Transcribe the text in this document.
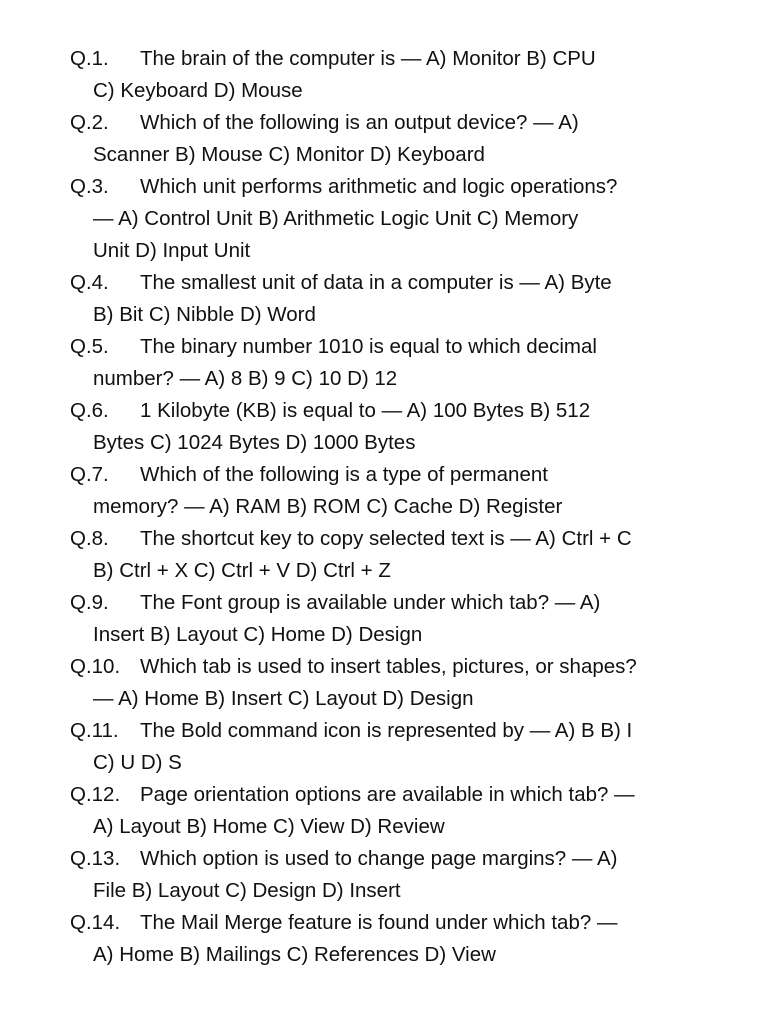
Q.1. The brain of the computer is — A) Monitor B) CPU
C) Keyboard D) Mouse
Q.2. Which of the following is an output device? — A)
Scanner B) Mouse C) Monitor D) Keyboard
Q.3. Which unit performs arithmetic and logic operations?
— A) Control Unit B) Arithmetic Logic Unit C) Memory
Unit D) Input Unit
Q.4. The smallest unit of data in a computer is — A) Byte
B) Bit C) Nibble D) Word
Q.5. The binary number 1010 is equal to which decimal
number? — A) 8 B) 9 C) 10 D) 12
Q.6. 1 Kilobyte (KB) is equal to — A) 100 Bytes B) 512
Bytes C) 1024 Bytes D) 1000 Bytes
Q.7. Which of the following is a type of permanent
memory? — A) RAM B) ROM C) Cache D) Register
Q.8. The shortcut key to copy selected text is — A) Ctrl + C
B) Ctrl + X C) Ctrl + V D) Ctrl + Z
Q.9. The Font group is available under which tab? — A)
Insert B) Layout C) Home D) Design
Q.10. Which tab is used to insert tables, pictures, or shapes?
— A) Home B) Insert C) Layout D) Design
Q.11. The Bold command icon is represented by — A) B B) I
C) U D) S
Q.12. Page orientation options are available in which tab? —
A) Layout B) Home C) View D) Review
Q.13. Which option is used to change page margins? — A)
File B) Layout C) Design D) Insert
Q.14. The Mail Merge feature is found under which tab? —
A) Home B) Mailings C) References D) View
